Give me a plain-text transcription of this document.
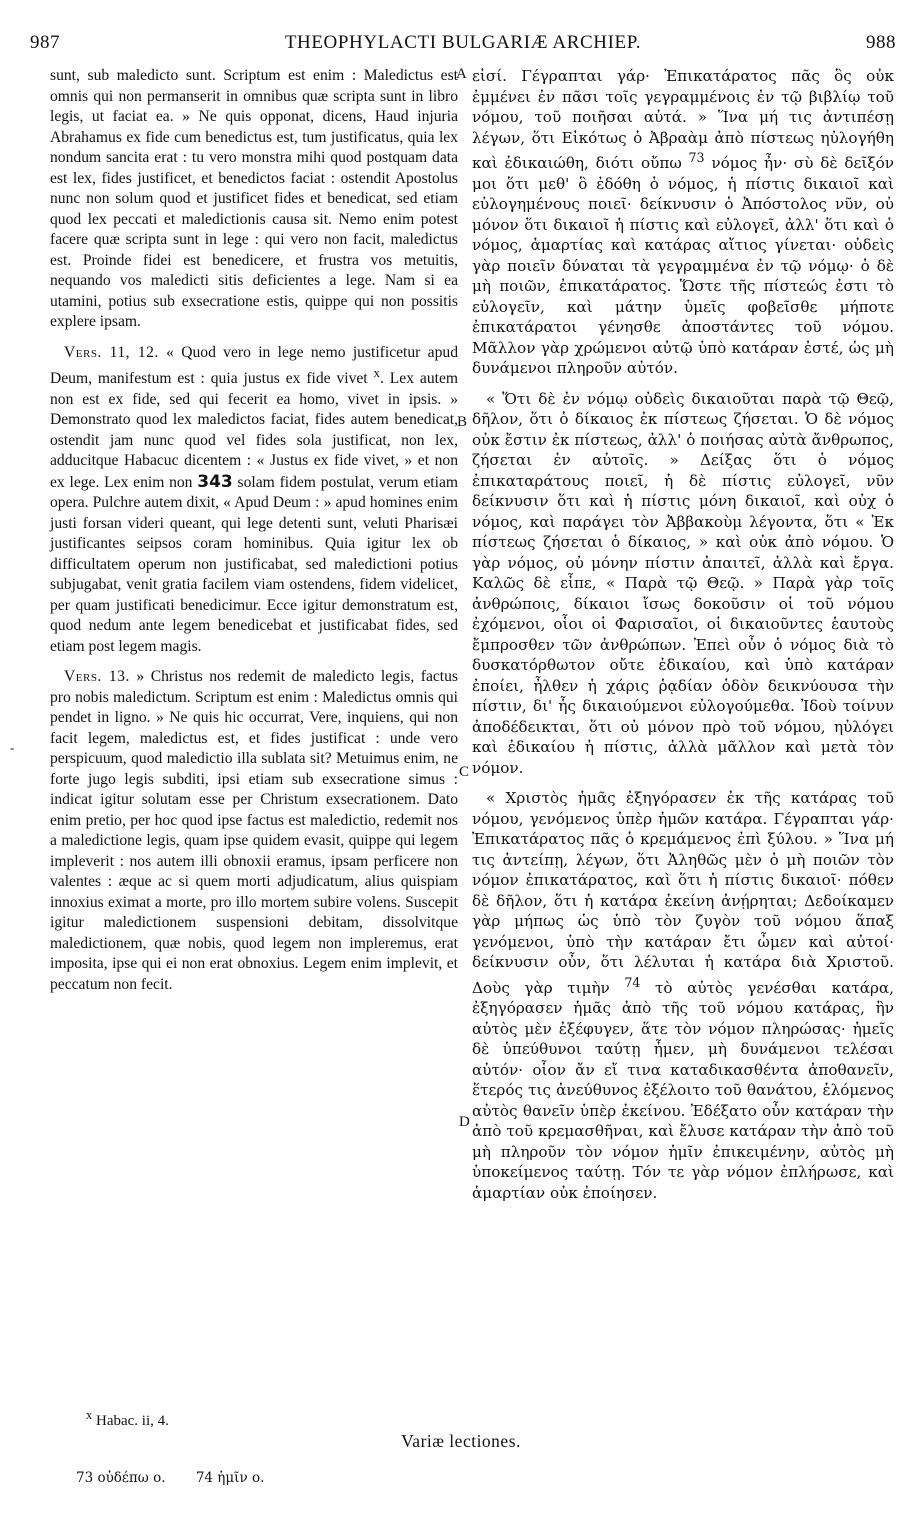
987	THEOPHYLACTI BULGARIÆ ARCHIEP.	988

sunt, sub maledicto sunt. Scriptum est enim : Maledictus est omnis qui non permanserit in omnibus quæ scripta sunt in libro legis, ut faciat ea. » Ne quis opponat, dicens, Haud injuria Abrahamus ex fide cum benedictus est, tum justificatus, quia lex nondum sancita erat : tu vero monstra mihi quod postquam data est lex, fides justificet, et benedictos faciat : ostendit Apostolus nunc non solum quod et justificet fides et benedicat, sed etiam quod lex peccati et maledictionis causa sit. Nemo enim potest facere quæ scripta sunt in lege : qui vero non facit, maledictus est. Proinde fidei est benedicere, et frustra vos metuitis, nequando vos maledicti sitis deficientes a lege. Nam si ea utamini, potius sub exsecratione estis, quippe qui non possitis explere ipsam.

Vers. 11, 12. « Quod vero in lege nemo justificetur apud Deum, manifestum est : quia justus ex fide vivet $^x$. Lex autem non est ex fide, sed qui fecerit ea homo, vivet in ipsis. » Demonstrato quod lex maledictos faciat, fides autem benedicat, ostendit jam nunc quod vel fides sola justificat, non lex, adducitque Habacuc dicentem : « Justus ex fide vivet, » et non ex lege. Lex enim non 343 solam fidem postulat, verum etiam opera. Pulchre autem dixit, « Apud Deum : » apud homines enim justi forsan videri queant, qui lege detenti sunt, veluti Pharisæi justificantes seipsos coram hominibus. Quia igitur lex ob difficultatem operum non justificabat, sed maledictioni potius subjugabat, venit gratia facilem viam ostendens, fidem videlicet, per quam justificati benedicimur. Ecce igitur demonstratum est, quod nedum ante legem benedicebat et justificabat fides, sed etiam post legem magis.

Vers. 13. » Christus nos redemit de maledicto legis, factus pro nobis maledictum. Scriptum est enim : Maledictus omnis qui pendet in ligno. » Ne quis hic occurrat, Vere, inquiens, qui non facit legem, maledictus est, et fides justificat : unde vero perspicuum, quod maledictio illa sublata sit? Metuimus enim, ne forte jugo legis subditi, ipsi etiam sub exsecratione simus : indicat igitur solutam esse per Christum exsecrationem. Dato enim pretio, per hoc quod ipse factus est maledictio, redemit nos a maledictione legis, quam ipse quidem evasit, quippe qui legem impleverit : nos autem illi obnoxii eramus, ipsam perficere non valentes : æque ac si quem morti adjudicatum, alius quispiam innoxius eximat a morte, pro illo mortem subire volens. Suscepit igitur maledictionem suspensioni debitam, dissolvitque maledictionem, quæ nobis, quod legem non impleremus, erat imposita, ipse qui ei non erat obnoxius. Legem enim implevit, et peccatum non fecit.

-
A
B
C
D

εἰσί. Γέγραπται γάρ· Ἐπικατάρατος πᾶς ὃς οὐκ ἐμμένει ἐν πᾶσι τοῖς γεγραμμένοις ἐν τῷ βιβλίῳ τοῦ νόμου, τοῦ ποιῆσαι αὐτά. » Ἵνα μή τις ἀντιπέσῃ λέγων, ὅτι Εἰκότως ὁ Ἀβραὰμ ἀπὸ πίστεως ηὐλογήθη καὶ ἐδικαιώθη, διότι οὔπω $^{73}$ νόμος ἦν· σὺ δὲ δεῖξόν μοι ὅτι μεθ' ὃ ἐδόθη ὁ νόμος, ἡ πίστις δικαιοῖ καὶ εὐλογημένους ποιεῖ· δείκνυσιν ὁ Ἀπόστολος νῦν, οὐ μόνον ὅτι δικαιοῖ ἡ πίστις καὶ εὐλογεῖ, ἀλλ' ὅτι καὶ ὁ νόμος, ἁμαρτίας καὶ κατάρας αἴτιος γίνεται· οὐδεὶς γὰρ ποιεῖν δύναται τὰ γεγραμμένα ἐν τῷ νόμῳ· ὁ δὲ μὴ ποιῶν, ἐπικατάρατος. Ὥστε τῆς πίστεώς ἐστι τὸ εὐλογεῖν, καὶ μάτην ὑμεῖς φοβεῖσθε μήποτε ἐπικατάρατοι γένησθε ἀποστάντες τοῦ νόμου. Μᾶλλον γὰρ χρώμενοι αὐτῷ ὑπὸ κατάραν ἐστέ, ὡς μὴ δυνάμενοι πληροῦν αὐτόν.

« Ὅτι δὲ ἐν νόμῳ οὐδεὶς δικαιοῦται παρὰ τῷ Θεῷ, δῆλον, ὅτι ὁ δίκαιος ἐκ πίστεως ζήσεται. Ὁ δὲ νόμος οὐκ ἔστιν ἐκ πίστεως, ἀλλ' ὁ ποιήσας αὐτὰ ἄνθρωπος, ζήσεται ἐν αὐτοῖς. » Δείξας ὅτι ὁ νόμος ἐπικαταράτους ποιεῖ, ἡ δὲ πίστις εὐλογεῖ, νῦν δείκνυσιν ὅτι καὶ ἡ πίστις μόνη δικαιοῖ, καὶ οὐχ ὁ νόμος, καὶ παράγει τὸν Ἀββακοὺμ λέγοντα, ὅτι « Ἐκ πίστεως ζήσεται ὁ δίκαιος, » καὶ οὐκ ἀπὸ νόμου. Ὁ γὰρ νόμος, οὐ μόνην πίστιν ἀπαιτεῖ, ἀλλὰ καὶ ἔργα. Καλῶς δὲ εἶπε, « Παρὰ τῷ Θεῷ. » Παρὰ γὰρ τοῖς ἀνθρώποις, δίκαιοι ἴσως δοκοῦσιν οἱ τοῦ νόμου ἐχόμενοι, οἷοι οἱ Φαρισαῖοι, οἱ δικαιοῦντες ἑαυτοὺς ἔμπροσθεν τῶν ἀνθρώπων. Ἐπεὶ οὖν ὁ νόμος διὰ τὸ δυσκατόρθωτον οὔτε ἐδικαίου, καὶ ὑπὸ κατάραν ἐποίει, ἦλθεν ἡ χάρις ῥᾳδίαν ὁδὸν δεικνύουσα τὴν πίστιν, δι' ἧς δικαιούμενοι εὐλογούμεθα. Ἰδοὺ τοίνυν ἀποδέδεικται, ὅτι οὐ μόνον πρὸ τοῦ νόμου, ηὐλόγει καὶ ἐδικαίου ἡ πίστις, ἀλλὰ μᾶλλον καὶ μετὰ τὸν νόμον.

« Χριστὸς ἡμᾶς ἐξηγόρασεν ἐκ τῆς κατάρας τοῦ νόμου, γενόμενος ὑπὲρ ἡμῶν κατάρα. Γέγραπται γάρ· Ἐπικατάρατος πᾶς ὁ κρεμάμενος ἐπὶ ξύλου. » Ἵνα μή τις ἀντείπῃ, λέγων, ὅτι Ἀληθῶς μὲν ὁ μὴ ποιῶν τὸν νόμον ἐπικατάρατος, καὶ ὅτι ἡ πίστις δικαιοῖ· πόθεν δὲ δῆλον, ὅτι ἡ κατάρα ἐκείνη ἀνῄρηται; Δεδοίκαμεν γὰρ μήπως ὡς ὑπὸ τὸν ζυγὸν τοῦ νόμου ἅπαξ γενόμενοι, ὑπὸ τὴν κατάραν ἔτι ὦμεν καὶ αὐτοί· δείκνυσιν οὖν, ὅτι λέλυται ἡ κατάρα διὰ Χριστοῦ. Δοὺς γὰρ τιμὴν $^{74}$ τὸ αὐτὸς γενέσθαι κατάρα, ἐξηγόρασεν ἡμᾶς ἀπὸ τῆς τοῦ νόμου κατάρας, ἣν αὐτὸς μὲν ἐξέφυγεν, ἅτε τὸν νόμον πληρώσας· ἡμεῖς δὲ ὑπεύθυνοι ταύτῃ ἦμεν, μὴ δυνάμενοι τελέσαι αὐτόν· οἷον ἄν εἴ τινα καταδικασθέντα ἀποθανεῖν, ἕτερός τις ἀνεύθυνος ἐξέλοιτο τοῦ θανάτου, ἑλόμενος αὐτὸς θανεῖν ὑπὲρ ἐκείνου. Ἐδέξατο οὖν κατάραν τὴν ἀπὸ τοῦ κρεμασθῆναι, καὶ ἔλυσε κατάραν τὴν ἀπὸ τοῦ μὴ πληροῦν τὸν νόμον ἡμῖν ἐπικειμένην, αὐτὸς μὴ ὑποκείμενος ταύτῃ. Τόν τε γὰρ νόμον ἐπλήρωσε, καὶ ἁμαρτίαν οὐκ ἐποίησεν.

$^x$ Habac. ii, 4.
Variæ lectiones.
73 οὐδέπω ο. 74 ἡμῖν ο.
